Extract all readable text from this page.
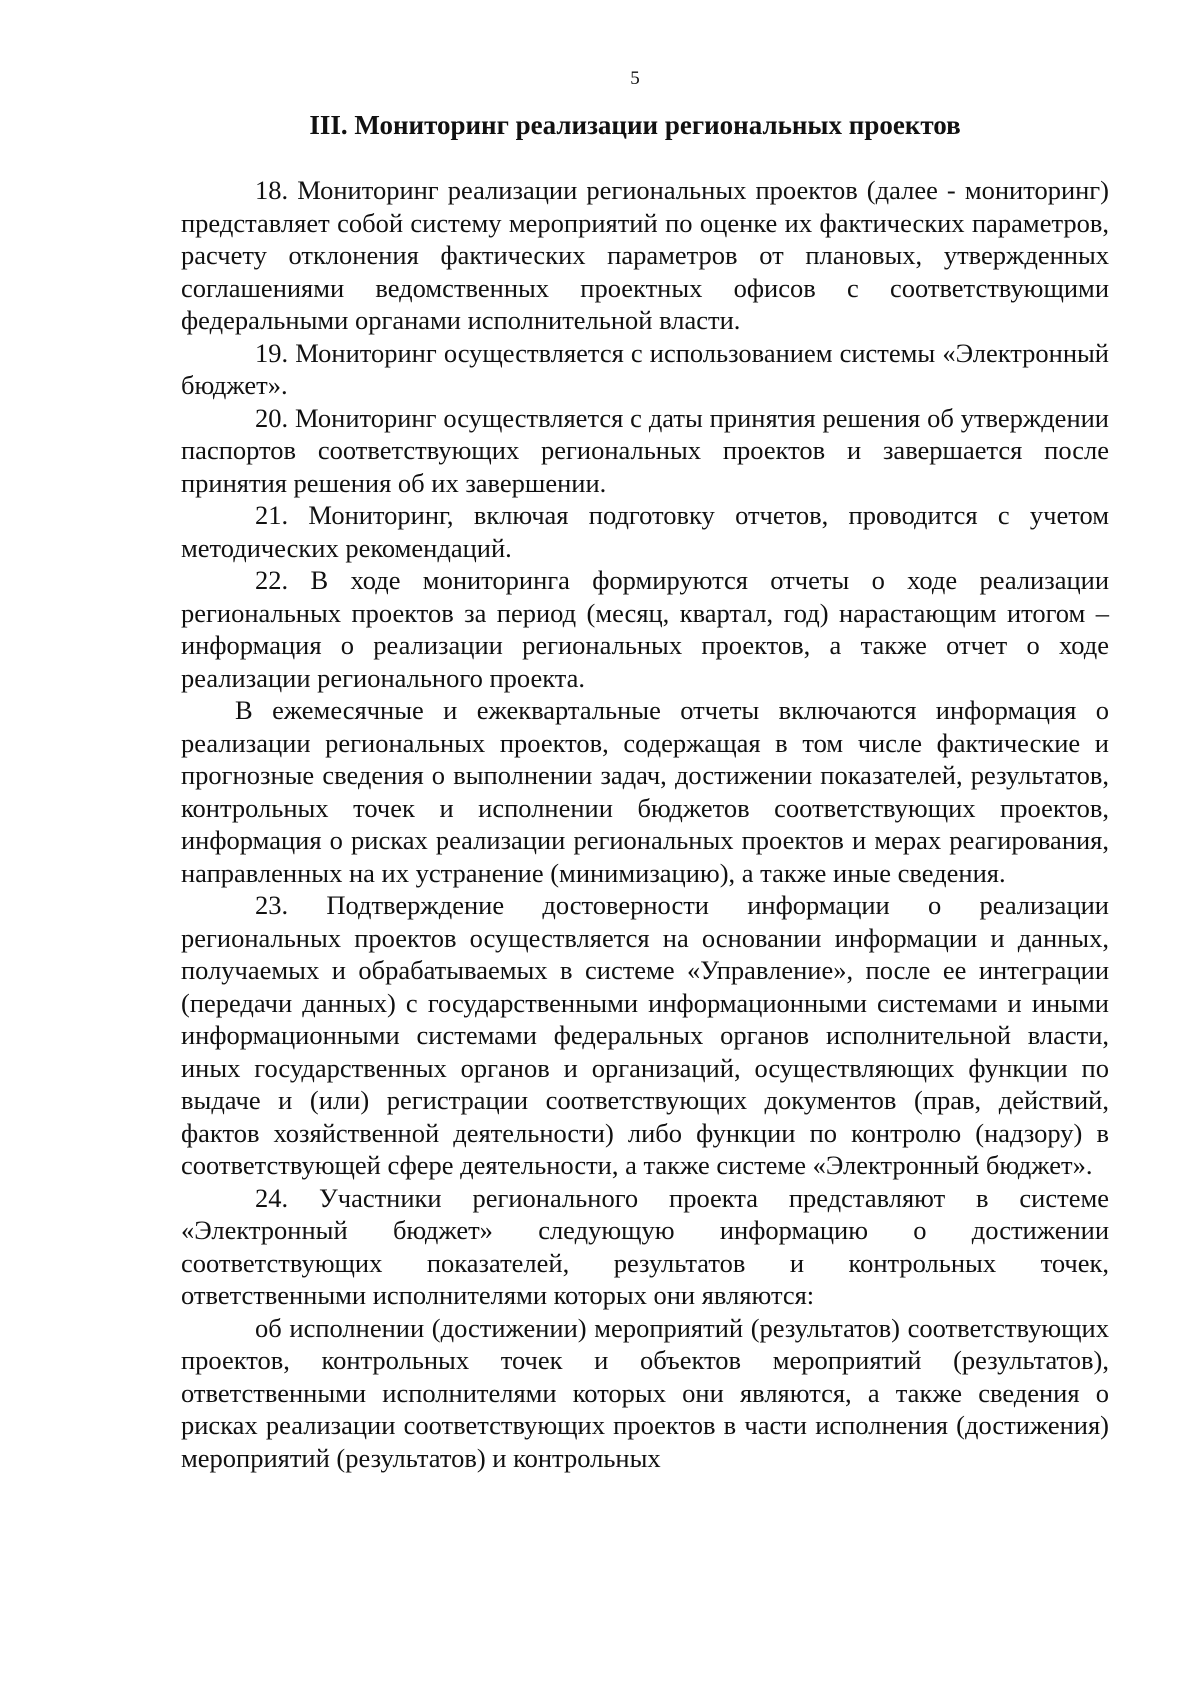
5
III. Мониторинг реализации региональных проектов

18. Мониторинг реализации региональных проектов (далее - мониторинг) представляет собой систему мероприятий по оценке их фактических параметров, расчету отклонения фактических параметров от плановых, утвержденных соглашениями ведомственных проектных офисов с соответствующими федеральными органами исполнительной власти.

19. Мониторинг осуществляется с использованием системы «Электронный бюджет».

20. Мониторинг осуществляется с даты принятия решения об утверждении паспортов соответствующих региональных проектов и завершается после принятия решения об их завершении.

21. Мониторинг, включая подготовку отчетов, проводится с учетом методических рекомендаций.

22. В ходе мониторинга формируются отчеты о ходе реализации региональных проектов за период (месяц, квартал, год) нарастающим итогом – информация о реализации региональных проектов, а также отчет о ходе реализации регионального проекта.

В ежемесячные и ежеквартальные отчеты включаются информация о реализации региональных проектов, содержащая в том числе фактические и прогнозные сведения о выполнении задач, достижении показателей, результатов, контрольных точек и исполнении бюджетов соответствующих проектов, информация о рисках реализации региональных проектов и мерах реагирования, направленных на их устранение (минимизацию), а также иные сведения.

23. Подтверждение достоверности информации о реализации региональных проектов осуществляется на основании информации и данных, получаемых и обрабатываемых в системе «Управление», после ее интеграции (передачи данных) с государственными информационными системами и иными информационными системами федеральных органов исполнительной власти, иных государственных органов и организаций, осуществляющих функции по выдаче и (или) регистрации соответствующих документов (прав, действий, фактов хозяйственной деятельности) либо функции по контролю (надзору) в соответствующей сфере деятельности, а также системе «Электронный бюджет».

24. Участники регионального проекта представляют в системе «Электронный бюджет» следующую информацию о достижении соответствующих показателей, результатов и контрольных точек, ответственными исполнителями которых они являются:

об исполнении (достижении) мероприятий (результатов) соответствующих проектов, контрольных точек и объектов мероприятий (результатов), ответственными исполнителями которых они являются, а также сведения о рисках реализации соответствующих проектов в части исполнения (достижения) мероприятий (результатов) и контрольных
